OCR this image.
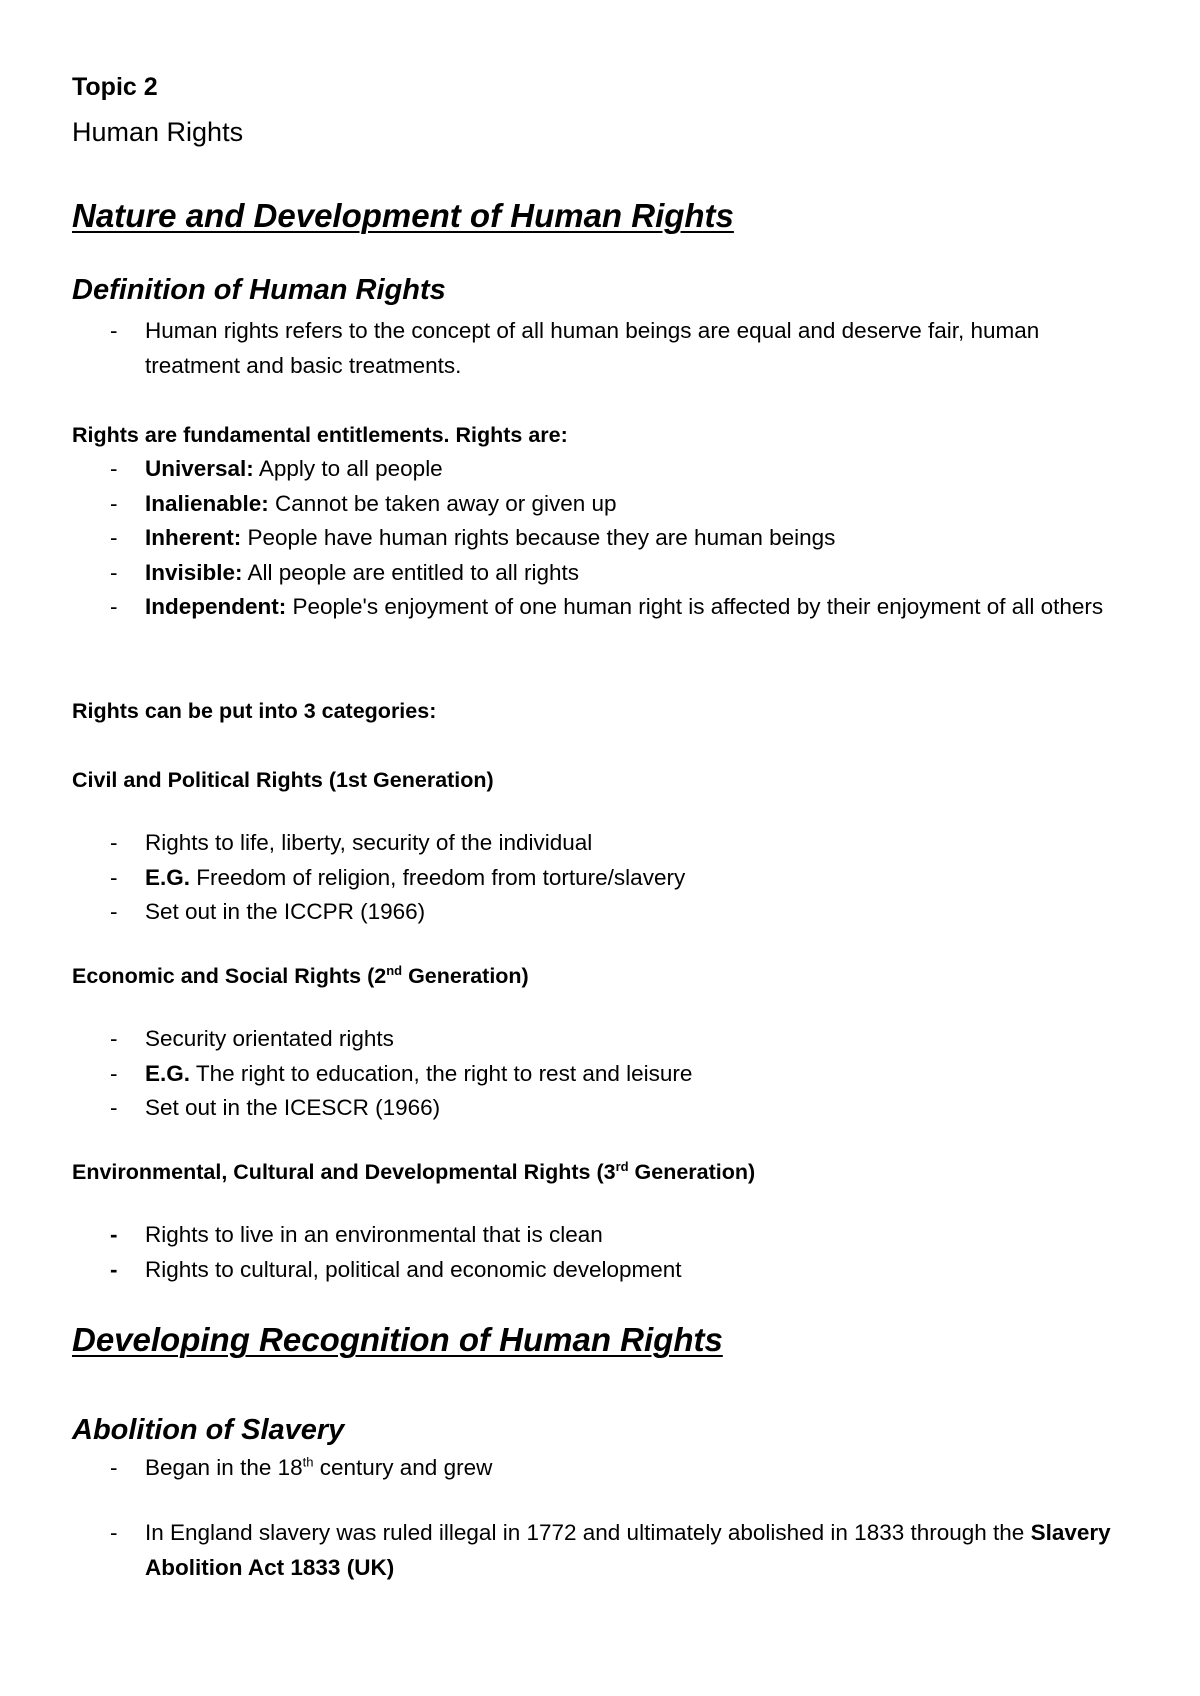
Topic 2
Human Rights
Nature and Development of Human Rights
Definition of Human Rights
- Human rights refers to the concept of all human beings are equal and deserve fair, human treatment and basic treatments.
Rights are fundamental entitlements. Rights are:
- Universal: Apply to all people
- Inalienable: Cannot be taken away or given up
- Inherent: People have human rights because they are human beings
- Invisible: All people are entitled to all rights
- Independent: People's enjoyment of one human right is affected by their enjoyment of all others
Rights can be put into 3 categories:
Civil and Political Rights (1st Generation)
- Rights to life, liberty, security of the individual
- E.G. Freedom of religion, freedom from torture/slavery
- Set out in the ICCPR (1966)
Economic and Social Rights (2nd Generation)
- Security orientated rights
- E.G. The right to education, the right to rest and leisure
- Set out in the ICESCR (1966)
Environmental, Cultural and Developmental Rights (3rd Generation)
- Rights to live in an environmental that is clean
- Rights to cultural, political and economic development
Developing Recognition of Human Rights
Abolition of Slavery
- Began in the 18th century and grew
- In England slavery was ruled illegal in 1772 and ultimately abolished in 1833 through the Slavery Abolition Act 1833 (UK)
